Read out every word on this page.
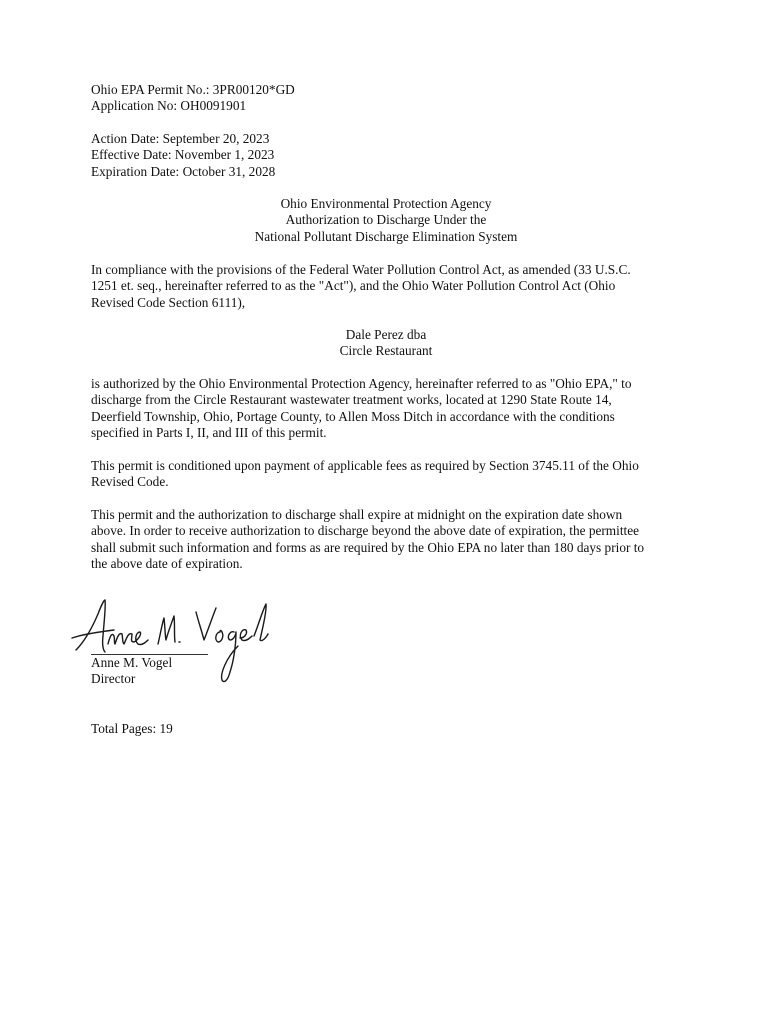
Ohio EPA Permit No.: 3PR00120*GD
Application No: OH0091901
Action Date: September 20, 2023
Effective Date: November 1, 2023
Expiration Date: October 31, 2028
Ohio Environmental Protection Agency
Authorization to Discharge Under the
National Pollutant Discharge Elimination System
In compliance with the provisions of the Federal Water Pollution Control Act, as amended (33 U.S.C.
1251 et. seq., hereinafter referred to as the "Act"), and the Ohio Water Pollution Control Act (Ohio
Revised Code Section 6111),
Dale Perez dba
Circle Restaurant
is authorized by the Ohio Environmental Protection Agency, hereinafter referred to as "Ohio EPA," to
discharge from the Circle Restaurant wastewater treatment works, located at 1290 State Route 14,
Deerfield Township, Ohio, Portage County, to Allen Moss Ditch in accordance with the conditions
specified in Parts I, II, and III of this permit.
This permit is conditioned upon payment of applicable fees as required by Section 3745.11 of the Ohio
Revised Code.
This permit and the authorization to discharge shall expire at midnight on the expiration date shown
above. In order to receive authorization to discharge beyond the above date of expiration, the permittee
shall submit such information and forms as are required by the Ohio EPA no later than 180 days prior to
the above date of expiration.
Anne M. Vogel
Director
Total Pages: 19
